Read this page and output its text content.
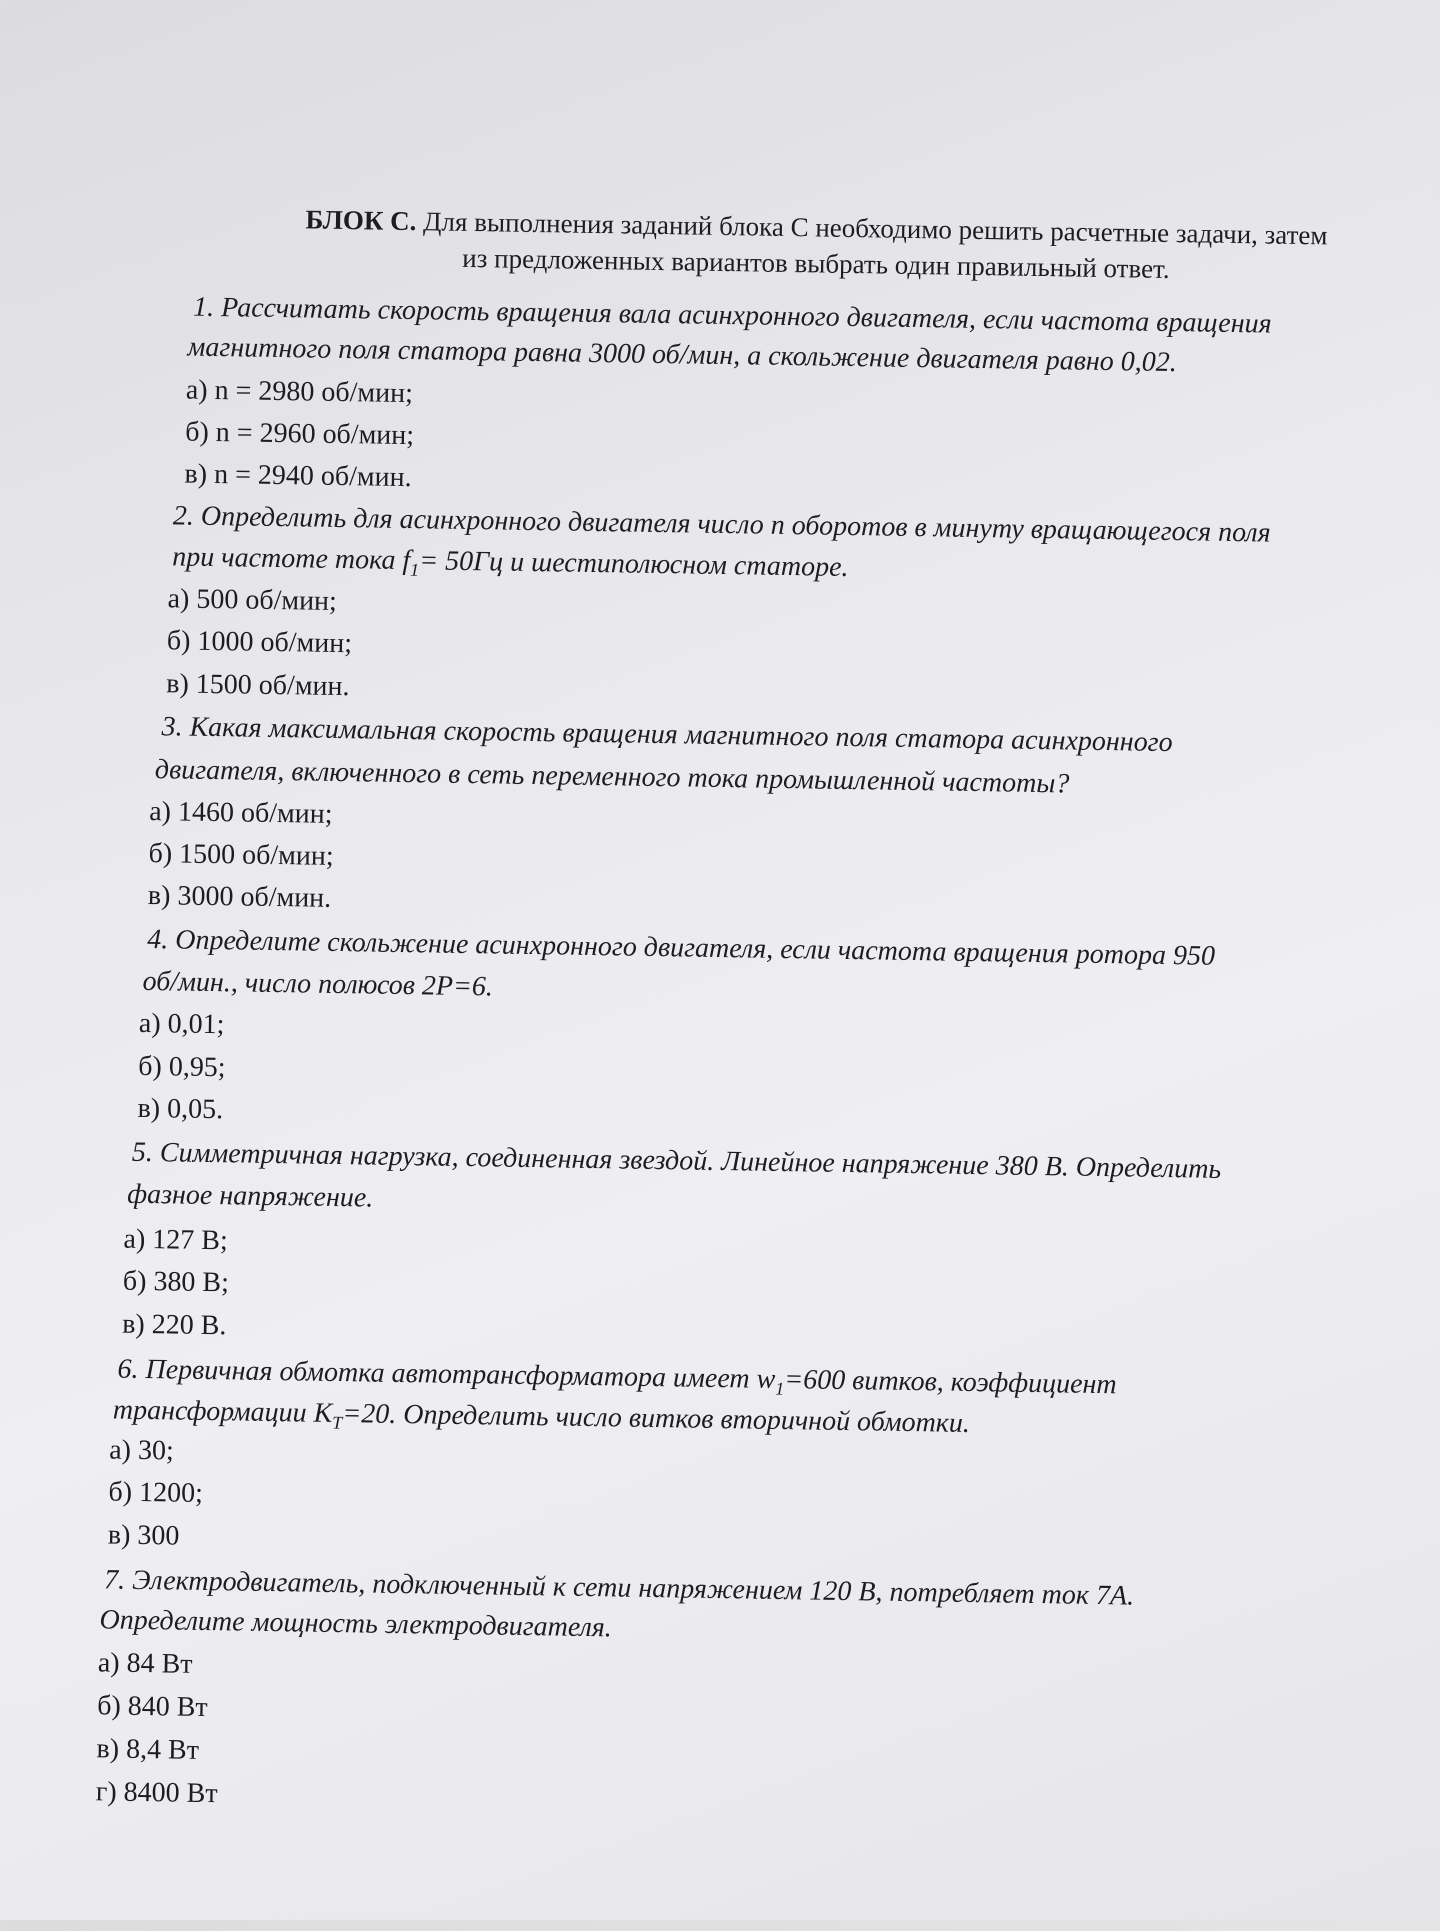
БЛОК С. Для выполнения заданий блока С необходимо решить расчетные задачи, затем
из предложенных вариантов выбрать один правильный ответ.
1. Рассчитать скорость вращения вала асинхронного двигателя, если частота вращения
магнитного поля статора равна 3000 об/мин, а скольжение двигателя равно 0,02.
а) n = 2980 об/мин;
б) n = 2960 об/мин;
в) n = 2940 об/мин.
2. Определить для асинхронного двигателя число n оборотов в минуту вращающегося поля
при частоте тока $f_1= 50Гц$ и шестиполюсном статоре.
а) 500 об/мин;
б) 1000 об/мин;
в) 1500 об/мин.
3. Какая максимальная скорость вращения магнитного поля статора асинхронного
двигателя, включенного в сеть переменного тока промышленной частоты?
а) 1460 об/мин;
б) 1500 об/мин;
в) 3000 об/мин.
4. Определите скольжение асинхронного двигателя, если частота вращения ротора 950
об/мин., число полюсов 2Р=6.
а) 0,01;
б) 0,95;
в) 0,05.
5. Симметричная нагрузка, соединенная звездой. Линейное напряжение 380 В. Определить
фазное напряжение.
а) 127 В;
б) 380 В;
в) 220 В.
6. Первичная обмотка автотрансформатора имеет $w_1=600$ витков, коэффициент
трансформации $K_T=20$. Определить число витков вторичной обмотки.
а) 30;
б) 1200;
в) 300
7. Электродвигатель, подключенный к сети напряжением 120 В, потребляет ток 7А.
Определите мощность электродвигателя.
а) 84 Вт
б) 840 Вт
в) 8,4 Вт
г) 8400 Вт
